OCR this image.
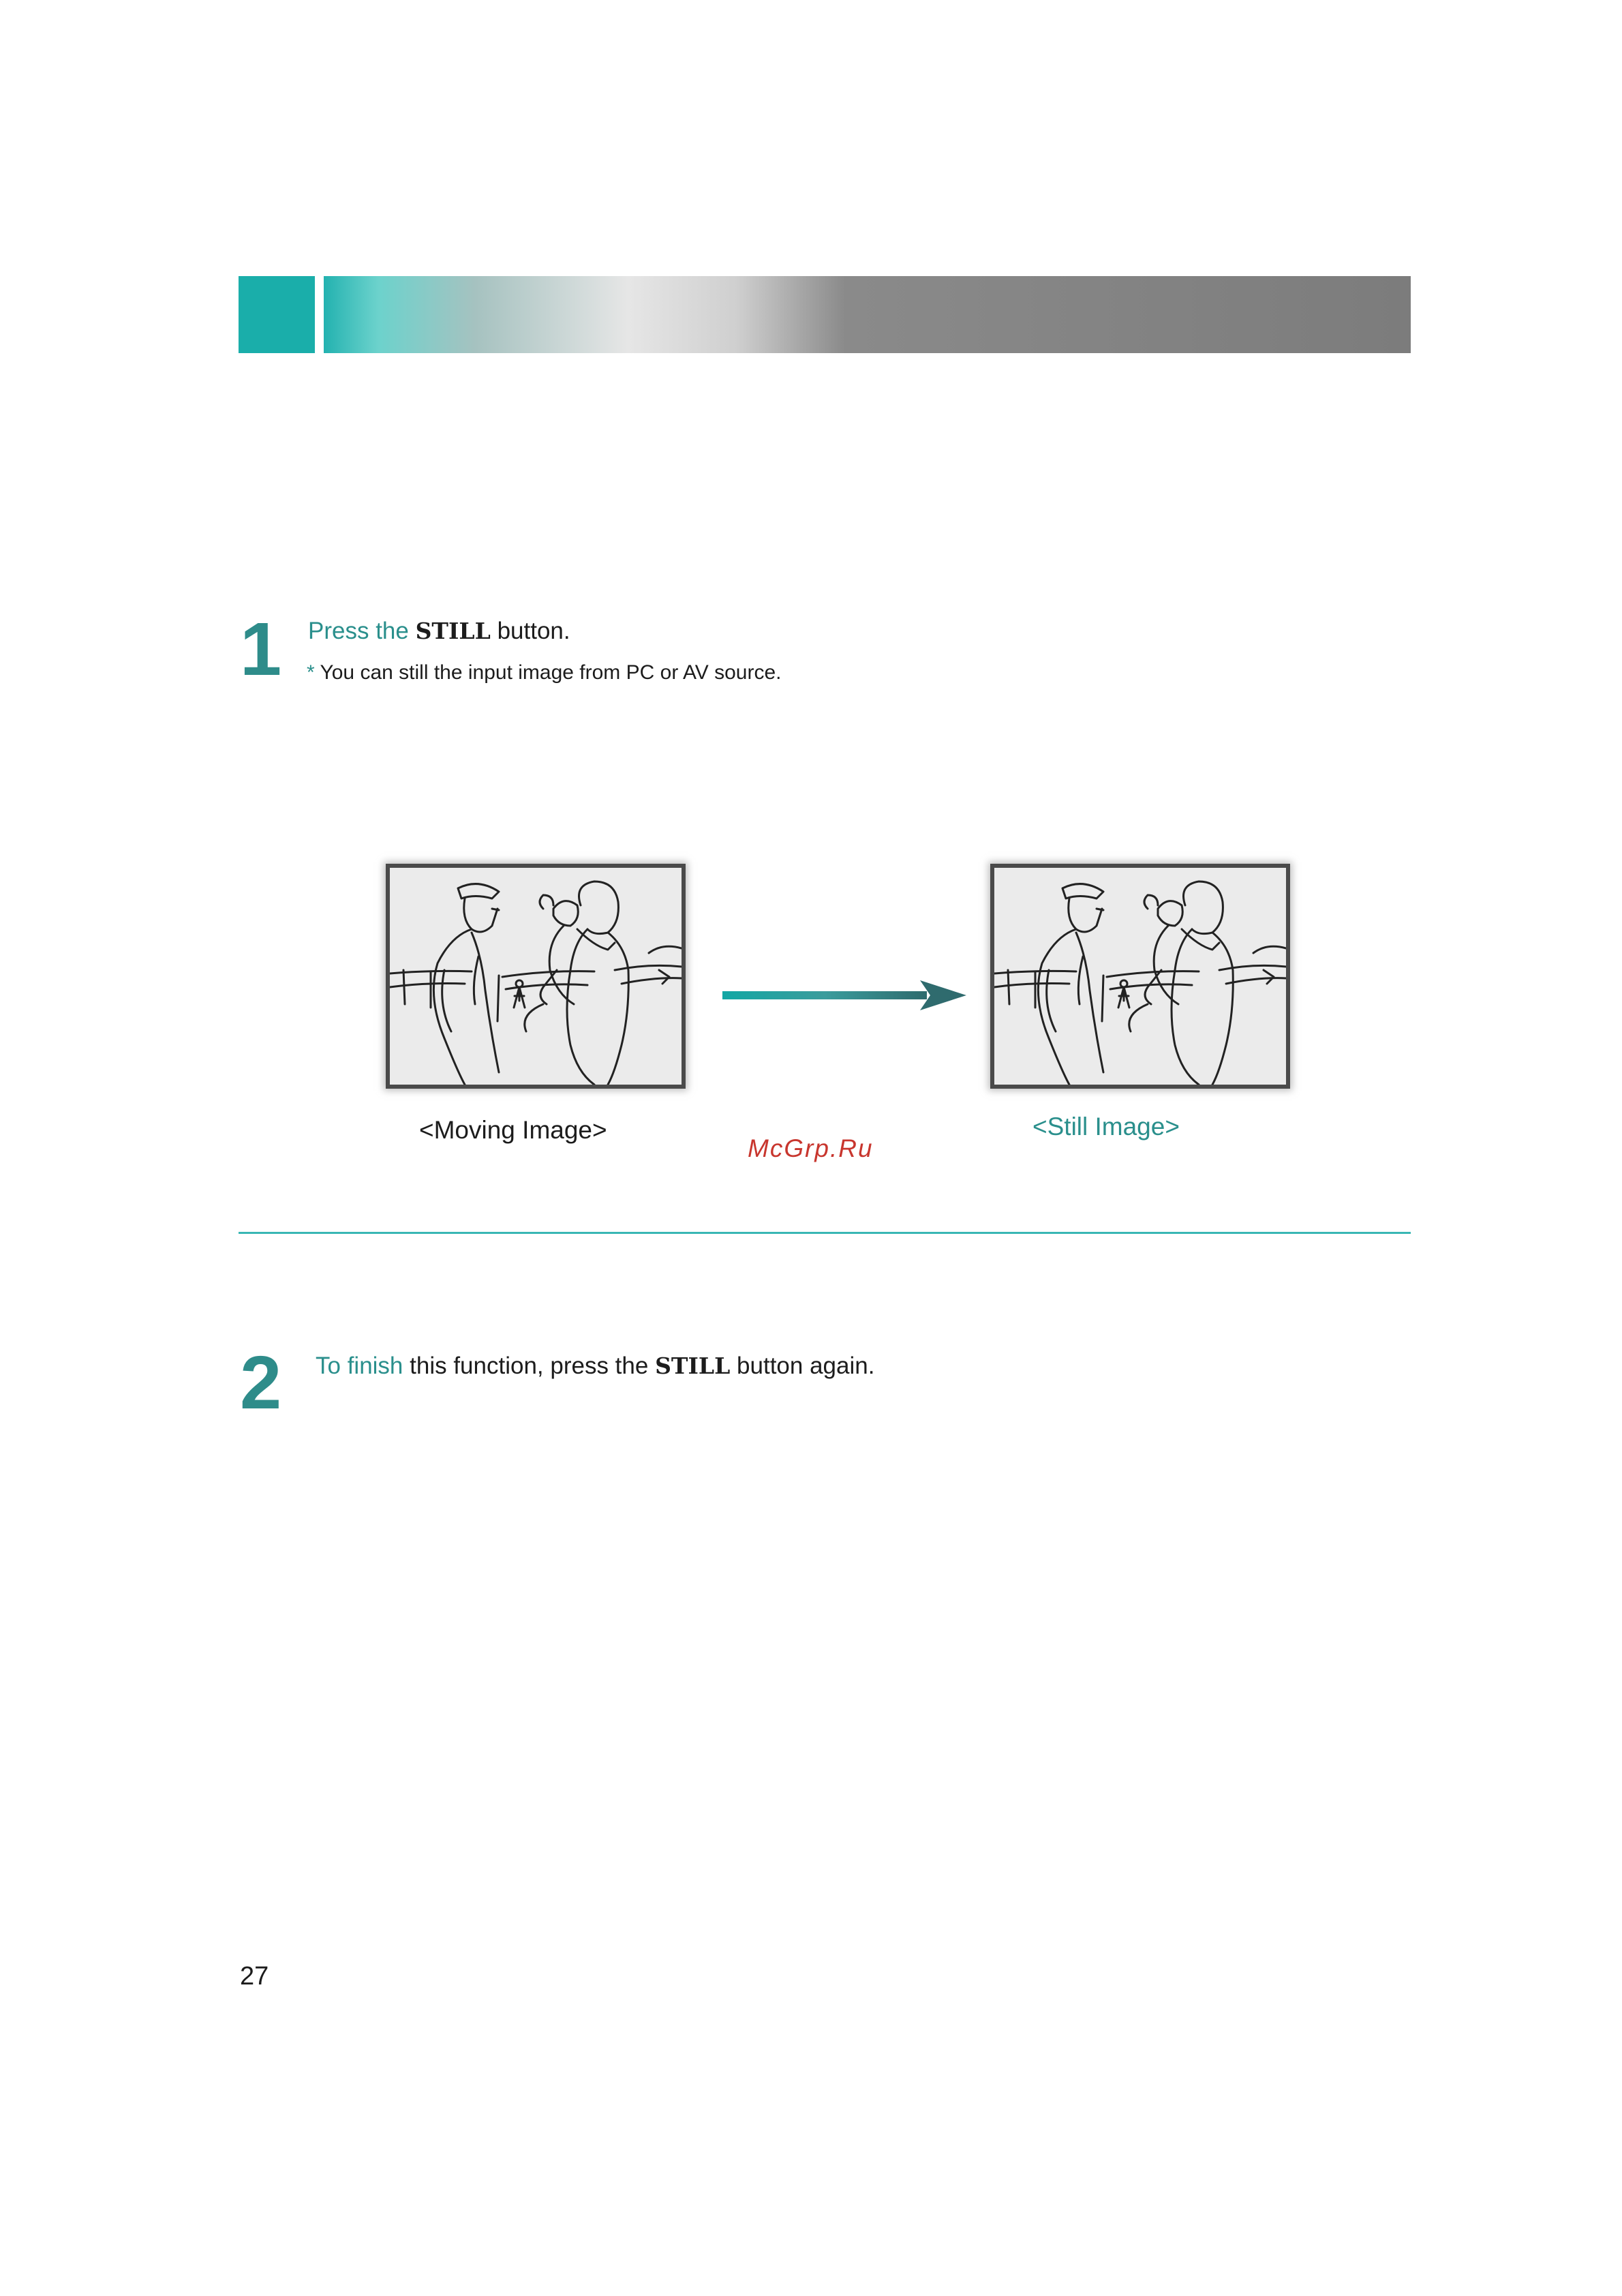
1 Press the STILL button.
* You can still the input image from PC or AV source.
<Moving Image>	<Still Image>
McGrp.Ru
2 To finish this function, press the STILL button again.
27
